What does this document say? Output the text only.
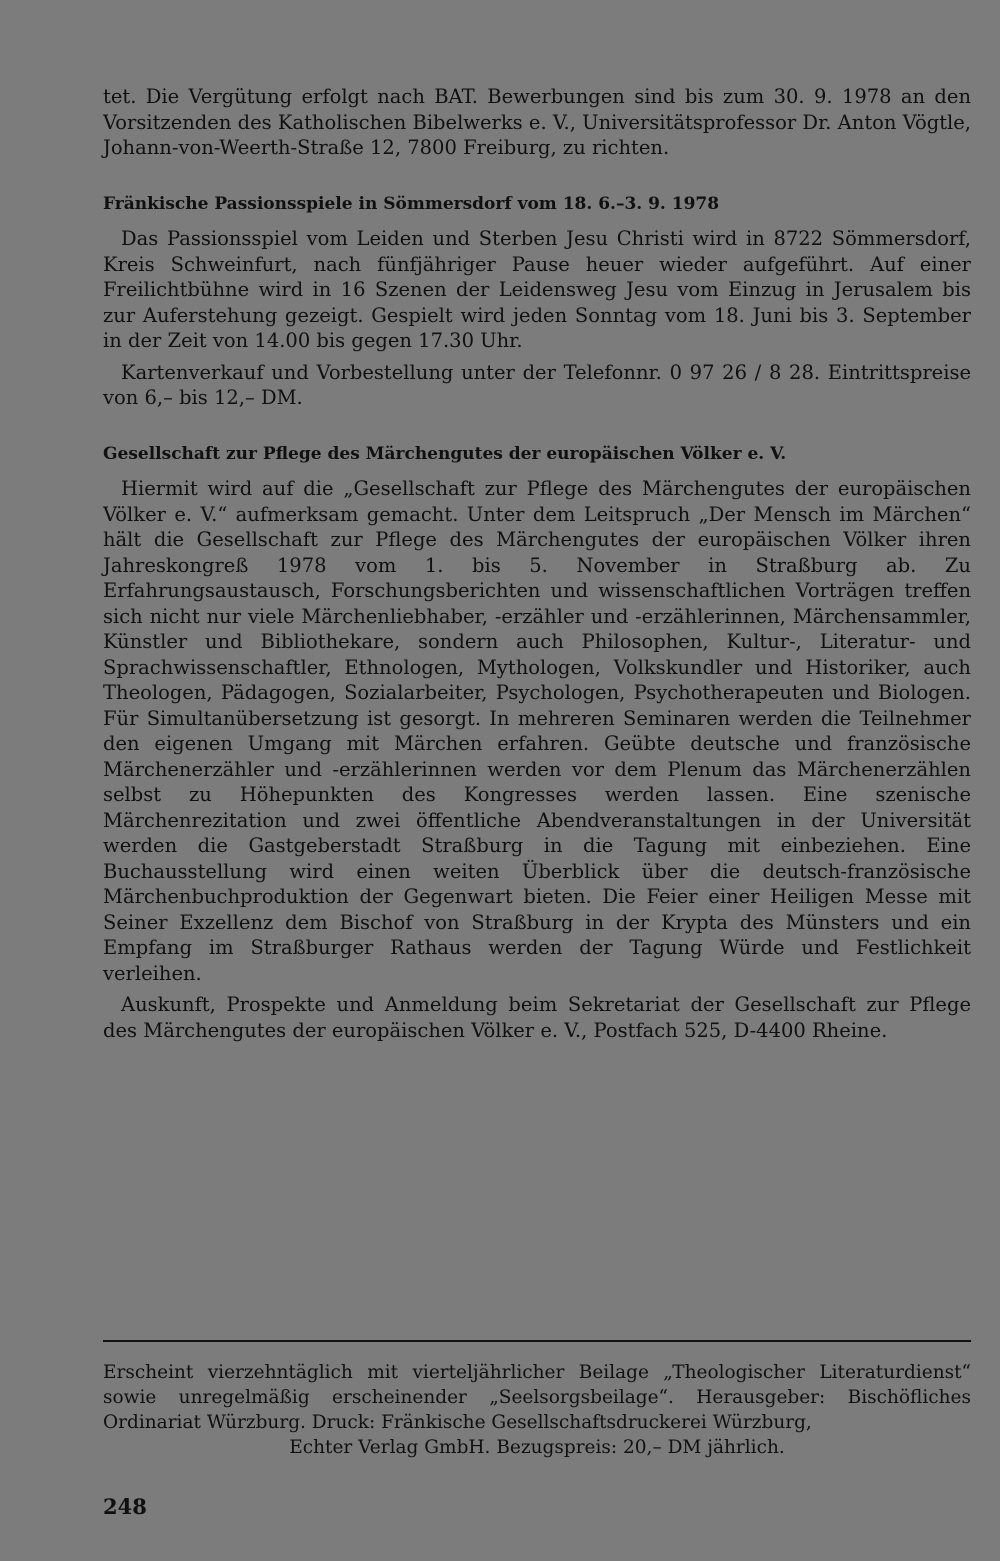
tet. Die Vergütung erfolgt nach BAT. Bewerbungen sind bis zum 30. 9. 1978 an den Vorsitzenden des Katholischen Bibelwerks e. V., Universitätsprofessor Dr. Anton Vögtle, Johann-von-Weerth-Straße 12, 7800 Freiburg, zu richten.

Fränkische Passionsspiele in Sömmersdorf vom 18. 6.–3. 9. 1978

Das Passionsspiel vom Leiden und Sterben Jesu Christi wird in 8722 Sömmersdorf, Kreis Schweinfurt, nach fünfjähriger Pause heuer wieder aufgeführt. Auf einer Freilichtbühne wird in 16 Szenen der Leidensweg Jesu vom Einzug in Jerusalem bis zur Auferstehung gezeigt. Gespielt wird jeden Sonntag vom 18. Juni bis 3. September in der Zeit von 14.00 bis gegen 17.30 Uhr.

Kartenverkauf und Vorbestellung unter der Telefonnr. 0 97 26 / 8 28. Eintrittspreise von 6,– bis 12,– DM.

Gesellschaft zur Pflege des Märchengutes der europäischen Völker e. V.

Hiermit wird auf die „Gesellschaft zur Pflege des Märchengutes der europäischen Völker e. V.“ aufmerksam gemacht. Unter dem Leitspruch „Der Mensch im Märchen“ hält die Gesellschaft zur Pflege des Märchengutes der europäischen Völker ihren Jahreskongreß 1978 vom 1. bis 5. November in Straßburg ab. Zu Erfahrungsaustausch, Forschungsberichten und wissenschaftlichen Vorträgen treffen sich nicht nur viele Märchenliebhaber, -erzähler und -erzählerinnen, Märchensammler, Künstler und Bibliothekare, sondern auch Philosophen, Kultur-, Literatur- und Sprachwissenschaftler, Ethnologen, Mythologen, Volkskundler und Historiker, auch Theologen, Pädagogen, Sozialarbeiter, Psychologen, Psychotherapeuten und Biologen. Für Simultanübersetzung ist gesorgt. In mehreren Seminaren werden die Teilnehmer den eigenen Umgang mit Märchen erfahren. Geübte deutsche und französische Märchenerzähler und -erzählerinnen werden vor dem Plenum das Märchenerzählen selbst zu Höhepunkten des Kongresses werden lassen. Eine szenische Märchenrezitation und zwei öffentliche Abendveranstaltungen in der Universität werden die Gastgeberstadt Straßburg in die Tagung mit einbeziehen. Eine Buchausstellung wird einen weiten Überblick über die deutsch-französische Märchenbuchproduktion der Gegenwart bieten. Die Feier einer Heiligen Messe mit Seiner Exzellenz dem Bischof von Straßburg in der Krypta des Münsters und ein Empfang im Straßburger Rathaus werden der Tagung Würde und Festlichkeit verleihen.

Auskunft, Prospekte und Anmeldung beim Sekretariat der Gesellschaft zur Pflege des Märchengutes der europäischen Völker e. V., Postfach 525, D-4400 Rheine.

Erscheint vierzehntäglich mit vierteljährlicher Beilage „Theologischer Literaturdienst“ sowie unregelmäßig erscheinender „Seelsorgsbeilage“. Herausgeber: Bischöfliches Ordinariat Würzburg. Druck: Fränkische Gesellschaftsdruckerei Würzburg,

Echter Verlag GmbH. Bezugspreis: 20,– DM jährlich.

248
